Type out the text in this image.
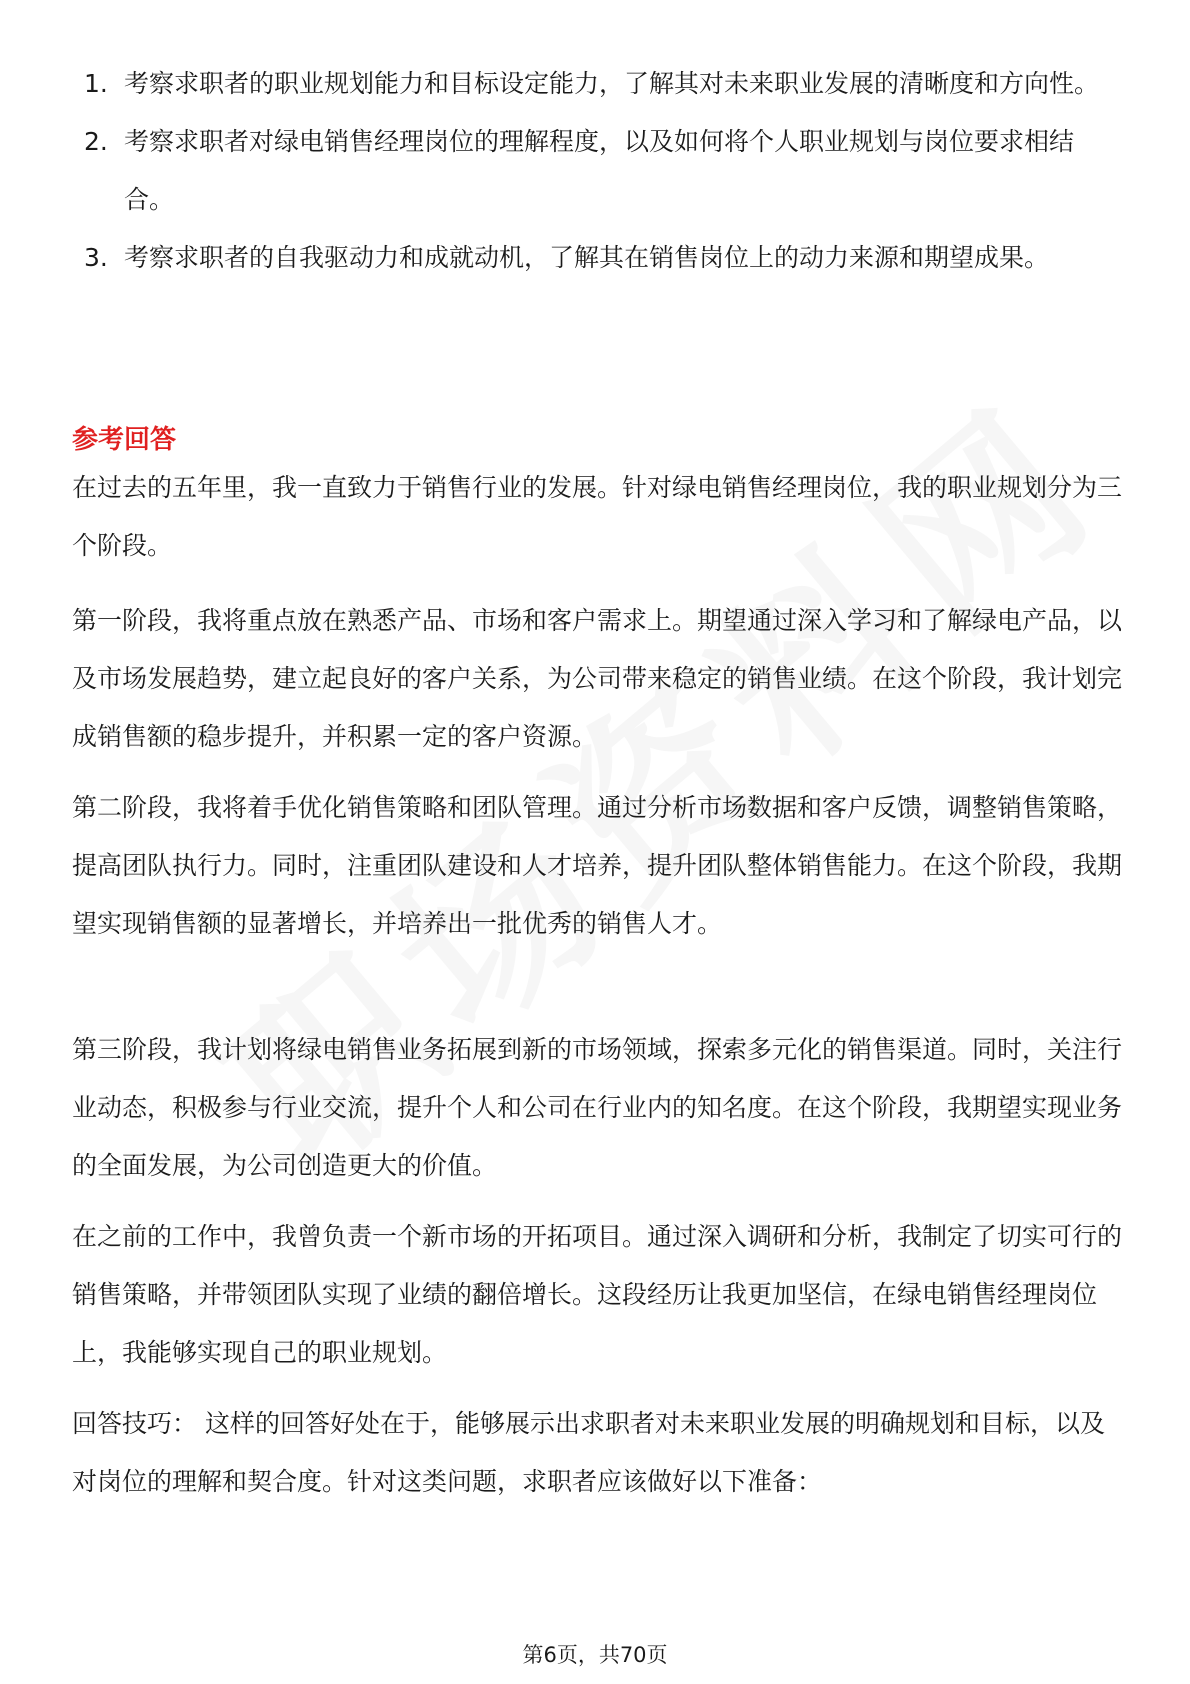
1. 考察求职者的职业规划能力和目标设定能力，了解其对未来职业发展的清晰度和方向性。
2. 考察求职者对绿电销售经理岗位的理解程度，以及如何将个人职业规划与岗位要求相结合。
3. 考察求职者的自我驱动力和成就动机，了解其在销售岗位上的动力来源和期望成果。
参考回答

在过去的五年里，我一直致力于销售行业的发展。针对绿电销售经理岗位，我的职业规划分为三个阶段。

第一阶段，我将重点放在熟悉产品、市场和客户需求上。期望通过深入学习和了解绿电产品，以及市场发展趋势，建立起良好的客户关系，为公司带来稳定的销售业绩。在这个阶段，我计划完成销售额的稳步提升，并积累一定的客户资源。

第二阶段，我将着手优化销售策略和团队管理。通过分析市场数据和客户反馈，调整销售策略，提高团队执行力。同时，注重团队建设和人才培养，提升团队整体销售能力。在这个阶段，我期望实现销售额的显著增长，并培养出一批优秀的销售人才。

第三阶段，我计划将绿电销售业务拓展到新的市场领域，探索多元化的销售渠道。同时，关注行业动态，积极参与行业交流，提升个人和公司在行业内的知名度。在这个阶段，我期望实现业务的全面发展，为公司创造更大的价值。

在之前的工作中，我曾负责一个新市场的开拓项目。通过深入调研和分析，我制定了切实可行的销售策略，并带领团队实现了业绩的翻倍增长。这段经历让我更加坚信，在绿电销售经理岗位上，我能够实现自己的职业规划。

回答技巧： 这样的回答好处在于，能够展示出求职者对未来职业发展的明确规划和目标，以及对岗位的理解和契合度。针对这类问题，求职者应该做好以下准备：

第6页，共70页
